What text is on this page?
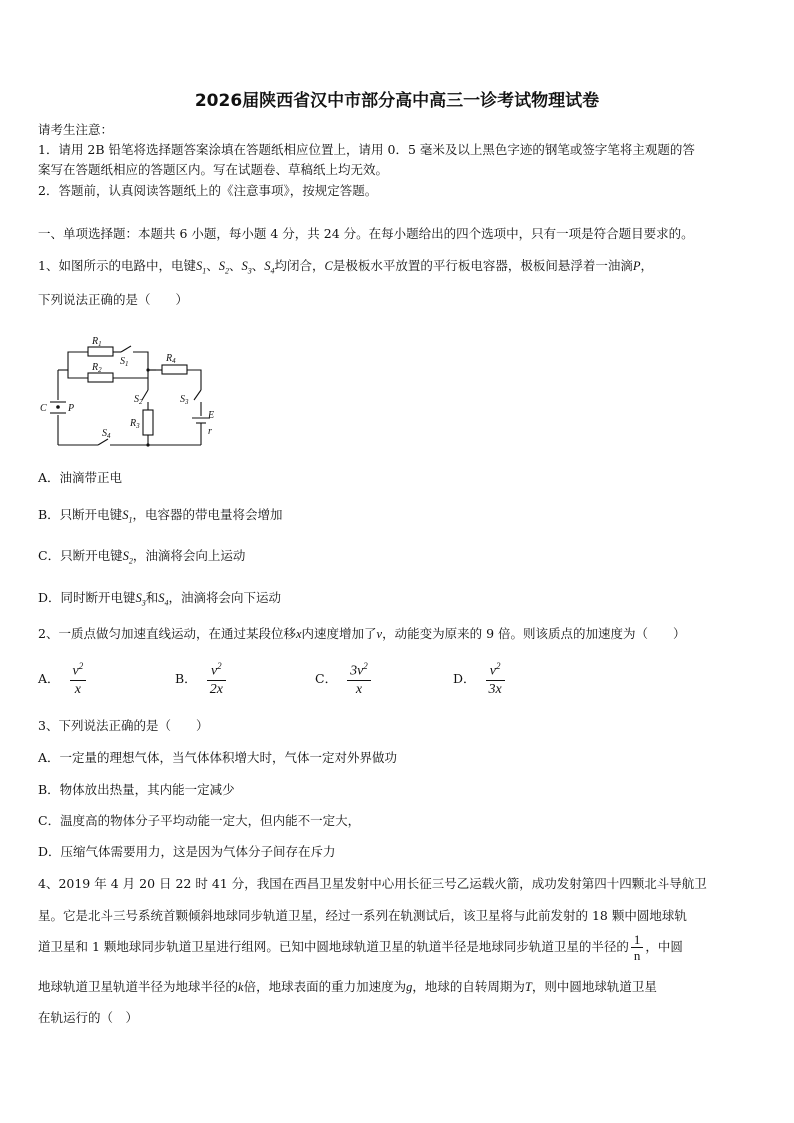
2026届陕西省汉中市部分高中高三一诊考试物理试卷
请考生注意：
1．请用 2B 铅笔将选择题答案涂填在答题纸相应位置上，请用 0．5 毫米及以上黑色字迹的钢笔或签字笔将主观题的答
案写在答题纸相应的答题区内。写在试题卷、草稿纸上均无效。
2．答题前，认真阅读答题纸上的《注意事项》，按规定答题。
一、单项选择题：本题共 6 小题，每小题 4 分，共 24 分。在每小题给出的四个选项中，只有一项是符合题目要求的。
1、如图所示的电路中，电键$S_1$、$S_2$、$S_3$、$S_4$均闭合，C是极板水平放置的平行板电容器，极板间悬浮着一油滴P，
下列说法正确的是（　　）
$R_1$
$R_2$
$S_1$	$R_4$
$S_2$
$R_3$
$S_3$
$S_4$
C P
E
r
A．油滴带正电
B．只断开电键$S_1$，电容器的带电量将会增加
C．只断开电键$S_2$，油滴将会向上运动
D．同时断开电键$S_3$和$S_4$，油滴将会向下运动
2、一质点做匀加速直线运动，在通过某段位移x内速度增加了v，动能变为原来的 9 倍。则该质点的加速度为（　　）
A． $\frac{v^2}{x}$	B． $\frac{v^2}{2x}$	C． $\frac{3v^2}{x}$	D． $\frac{v^2}{3x}$
3、下列说法正确的是（　　）
A．一定量的理想气体，当气体体积增大时，气体一定对外界做功
B．物体放出热量，其内能一定减少
C．温度高的物体分子平均动能一定大，但内能不一定大，
D．压缩气体需要用力，这是因为气体分子间存在斥力
4、2019 年 4 月 20 日 22 时 41 分，我国在西昌卫星发射中心用长征三号乙运载火箭，成功发射第四十四颗北斗导航卫
星。它是北斗三号系统首颗倾斜地球同步轨道卫星，经过一系列在轨测试后，该卫星将与此前发射的 18 颗中圆地球轨
道卫星和 1 颗地球同步轨道卫星进行组网。已知中圆地球轨道卫星的轨道半径是地球同步轨道卫星的半径的 $\frac{1}{n}$ ，中圆
地球轨道卫星轨道半径为地球半径的k倍，地球表面的重力加速度为g，地球的自转周期为T，则中圆地球轨道卫星
在轨运行的（　）
